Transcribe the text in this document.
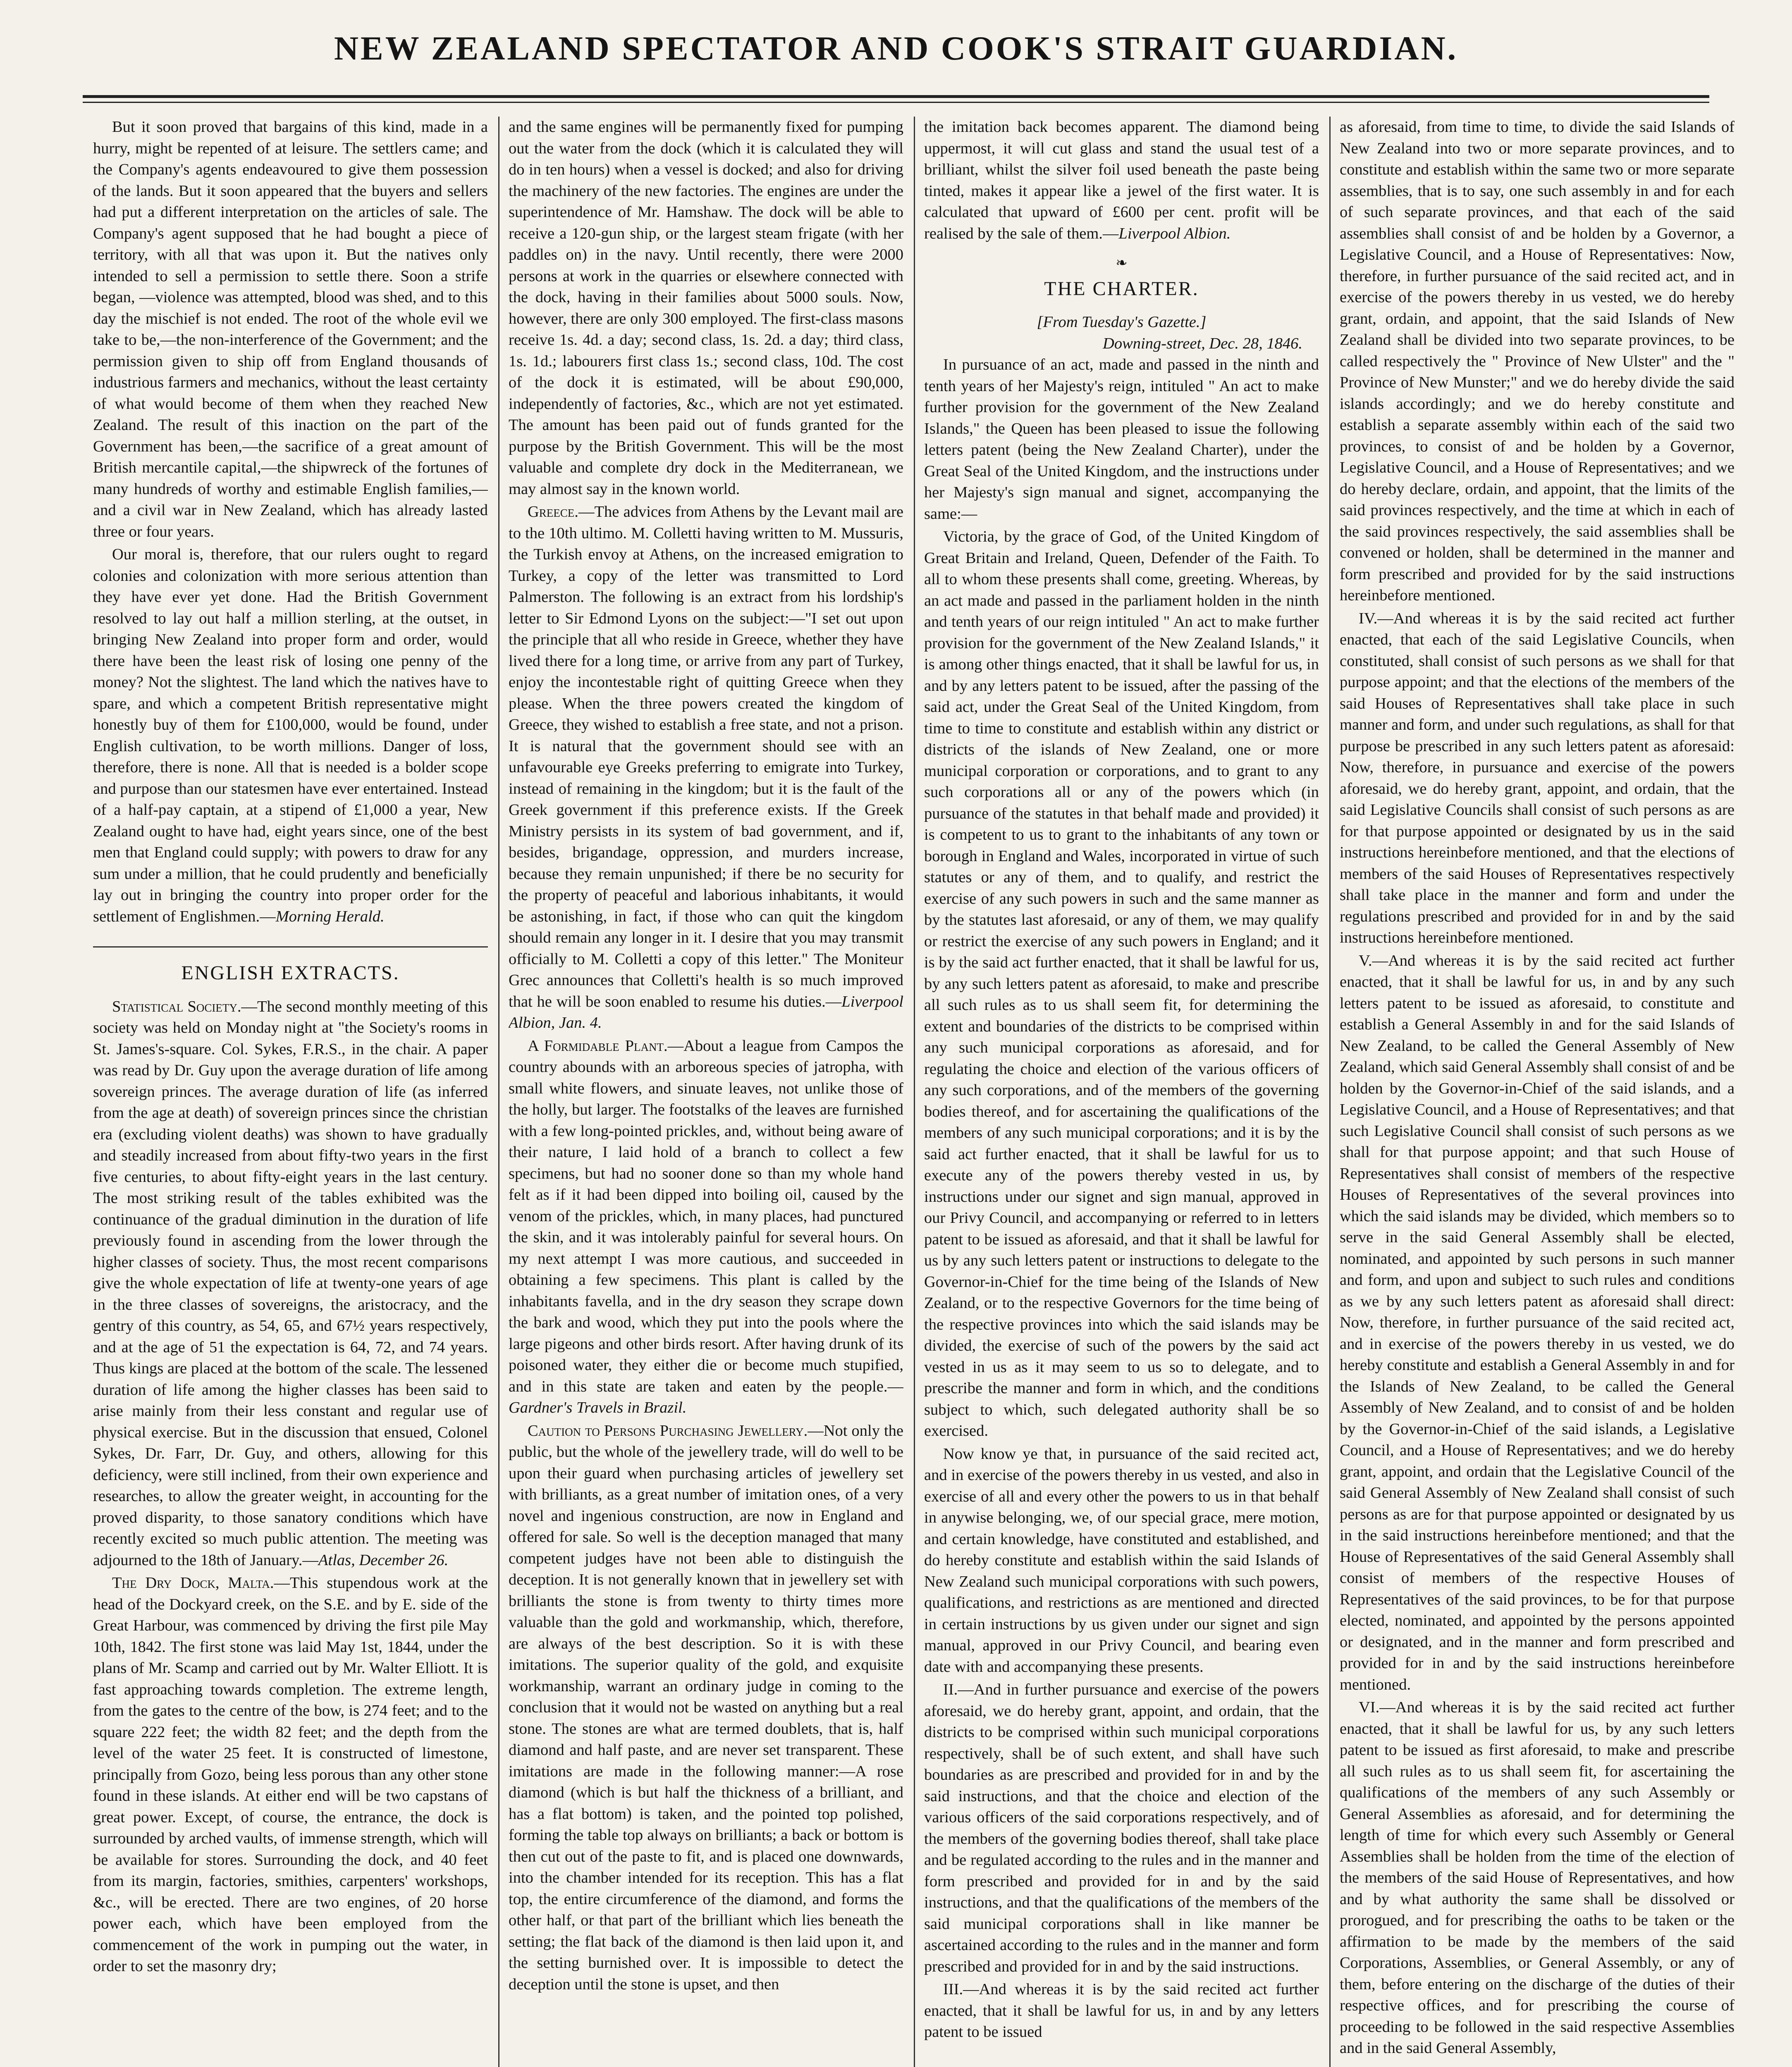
NEW ZEALAND SPECTATOR AND COOK'S STRAIT GUARDIAN.

But it soon proved that bargains of this kind, made in a hurry, might be repented of at leisure. The settlers came; and the Company's agents endeavoured to give them possession of the lands. But it soon appeared that the buyers and sellers had put a different interpretation on the articles of sale. The Company's agent supposed that he had bought a piece of territory, with all that was upon it. But the natives only intended to sell a permission to settle there. Soon a strife began, —violence was attempted, blood was shed, and to this day the mischief is not ended. The root of the whole evil we take to be,—the non-interference of the Government; and the permission given to ship off from England thousands of industrious farmers and mechanics, without the least certainty of what would become of them when they reached New Zealand. The result of this inaction on the part of the Government has been,—the sacrifice of a great amount of British mercantile capital,—the shipwreck of the fortunes of many hundreds of worthy and estimable English families,—and a civil war in New Zealand, which has already lasted three or four years.

Our moral is, therefore, that our rulers ought to regard colonies and colonization with more serious attention than they have ever yet done. Had the British Government resolved to lay out half a million sterling, at the outset, in bringing New Zealand into proper form and order, would there have been the least risk of losing one penny of the money? Not the slightest. The land which the natives have to spare, and which a competent British representative might honestly buy of them for £100,000, would be found, under English cultivation, to be worth millions. Danger of loss, therefore, there is none. All that is needed is a bolder scope and purpose than our statesmen have ever entertained. Instead of a half-pay captain, at a stipend of £1,000 a year, New Zealand ought to have had, eight years since, one of the best men that England could supply; with powers to draw for any sum under a million, that he could prudently and beneficially lay out in bringing the country into proper order for the settlement of Englishmen.—Morning Herald.

ENGLISH EXTRACTS.

Statistical Society.—The second monthly meeting of this society was held on Monday night at "the Society's rooms in St. James's-square. Col. Sykes, F.R.S., in the chair. A paper was read by Dr. Guy upon the average duration of life among sovereign princes. The average duration of life (as inferred from the age at death) of sovereign princes since the christian era (excluding violent deaths) was shown to have gradually and steadily increased from about fifty-two years in the first five centuries, to about fifty-eight years in the last century. The most striking result of the tables exhibited was the continuance of the gradual diminution in the duration of life previously found in ascending from the lower through the higher classes of society. Thus, the most recent comparisons give the whole expectation of life at twenty-one years of age in the three classes of sovereigns, the aristocracy, and the gentry of this country, as 54, 65, and 67½ years respectively, and at the age of 51 the expectation is 64, 72, and 74 years. Thus kings are placed at the bottom of the scale. The lessened duration of life among the higher classes has been said to arise mainly from their less constant and regular use of physical exercise. But in the discussion that ensued, Colonel Sykes, Dr. Farr, Dr. Guy, and others, allowing for this deficiency, were still inclined, from their own experience and researches, to allow the greater weight, in accounting for the proved disparity, to those sanatory conditions which have recently excited so much public attention. The meeting was adjourned to the 18th of January.—Atlas, December 26.

The Dry Dock, Malta.—This stupendous work at the head of the Dockyard creek, on the S.E. and by E. side of the Great Harbour, was commenced by driving the first pile May 10th, 1842. The first stone was laid May 1st, 1844, under the plans of Mr. Scamp and carried out by Mr. Walter Elliott. It is fast approaching towards completion. The extreme length, from the gates to the centre of the bow, is 274 feet; and to the square 222 feet; the width 82 feet; and the depth from the level of the water 25 feet. It is constructed of limestone, principally from Gozo, being less porous than any other stone found in these islands. At either end will be two capstans of great power. Except, of course, the entrance, the dock is surrounded by arched vaults, of immense strength, which will be available for stores. Surrounding the dock, and 40 feet from its margin, factories, smithies, carpenters' workshops, &c., will be erected. There are two engines, of 20 horse power each, which have been employed from the commencement of the work in pumping out the water, in order to set the masonry dry;

and the same engines will be permanently fixed for pumping out the water from the dock (which it is calculated they will do in ten hours) when a vessel is docked; and also for driving the machinery of the new factories. The engines are under the superintendence of Mr. Hamshaw. The dock will be able to receive a 120-gun ship, or the largest steam frigate (with her paddles on) in the navy. Until recently, there were 2000 persons at work in the quarries or elsewhere connected with the dock, having in their families about 5000 souls. Now, however, there are only 300 employed. The first-class masons receive 1s. 4d. a day; second class, 1s. 2d. a day; third class, 1s. 1d.; labourers first class 1s.; second class, 10d. The cost of the dock it is estimated, will be about £90,000, independently of factories, &c., which are not yet estimated. The amount has been paid out of funds granted for the purpose by the British Government. This will be the most valuable and complete dry dock in the Mediterranean, we may almost say in the known world.

Greece.—The advices from Athens by the Levant mail are to the 10th ultimo. M. Colletti having written to M. Mussuris, the Turkish envoy at Athens, on the increased emigration to Turkey, a copy of the letter was transmitted to Lord Palmerston. The following is an extract from his lordship's letter to Sir Edmond Lyons on the subject:—"I set out upon the principle that all who reside in Greece, whether they have lived there for a long time, or arrive from any part of Turkey, enjoy the incontestable right of quitting Greece when they please. When the three powers created the kingdom of Greece, they wished to establish a free state, and not a prison. It is natural that the government should see with an unfavourable eye Greeks preferring to emigrate into Turkey, instead of remaining in the kingdom; but it is the fault of the Greek government if this preference exists. If the Greek Ministry persists in its system of bad government, and if, besides, brigandage, oppression, and murders increase, because they remain unpunished; if there be no security for the property of peaceful and laborious inhabitants, it would be astonishing, in fact, if those who can quit the kingdom should remain any longer in it. I desire that you may transmit officially to M. Colletti a copy of this letter." The Moniteur Grec announces that Colletti's health is so much improved that he will be soon enabled to resume his duties.—Liverpool Albion, Jan. 4.

A Formidable Plant.—About a league from Campos the country abounds with an arboreous species of jatropha, with small white flowers, and sinuate leaves, not unlike those of the holly, but larger. The footstalks of the leaves are furnished with a few long-pointed prickles, and, without being aware of their nature, I laid hold of a branch to collect a few specimens, but had no sooner done so than my whole hand felt as if it had been dipped into boiling oil, caused by the venom of the prickles, which, in many places, had punctured the skin, and it was intolerably painful for several hours. On my next attempt I was more cautious, and succeeded in obtaining a few specimens. This plant is called by the inhabitants favella, and in the dry season they scrape down the bark and wood, which they put into the pools where the large pigeons and other birds resort. After having drunk of its poisoned water, they either die or become much stupified, and in this state are taken and eaten by the people.—Gardner's Travels in Brazil.

Caution to Persons Purchasing Jewellery.—Not only the public, but the whole of the jewellery trade, will do well to be upon their guard when purchasing articles of jewellery set with brilliants, as a great number of imitation ones, of a very novel and ingenious construction, are now in England and offered for sale. So well is the deception managed that many competent judges have not been able to distinguish the deception. It is not generally known that in jewellery set with brilliants the stone is from twenty to thirty times more valuable than the gold and workmanship, which, therefore, are always of the best description. So it is with these imitations. The superior quality of the gold, and exquisite workmanship, warrant an ordinary judge in coming to the conclusion that it would not be wasted on anything but a real stone. The stones are what are termed doublets, that is, half diamond and half paste, and are never set transparent. These imitations are made in the following manner:—A rose diamond (which is but half the thickness of a brilliant, and has a flat bottom) is taken, and the pointed top polished, forming the table top always on brilliants; a back or bottom is then cut out of the paste to fit, and is placed one downwards, into the chamber intended for its reception. This has a flat top, the entire circumference of the diamond, and forms the other half, or that part of the brilliant which lies beneath the setting; the flat back of the diamond is then laid upon it, and the setting burnished over. It is impossible to detect the deception until the stone is upset, and then

the imitation back becomes apparent. The diamond being uppermost, it will cut glass and stand the usual test of a brilliant, whilst the silver foil used beneath the paste being tinted, makes it appear like a jewel of the first water. It is calculated that upward of £600 per cent. profit will be realised by the sale of them.—Liverpool Albion.

❧
THE CHARTER.
[From Tuesday's Gazette.]
Downing-street, Dec. 28, 1846.

In pursuance of an act, made and passed in the ninth and tenth years of her Majesty's reign, intituled " An act to make further provision for the government of the New Zealand Islands," the Queen has been pleased to issue the following letters patent (being the New Zealand Charter), under the Great Seal of the United Kingdom, and the instructions under her Majesty's sign manual and signet, accompanying the same:—

Victoria, by the grace of God, of the United Kingdom of Great Britain and Ireland, Queen, Defender of the Faith. To all to whom these presents shall come, greeting. Whereas, by an act made and passed in the parliament holden in the ninth and tenth years of our reign intituled " An act to make further provision for the government of the New Zealand Islands," it is among other things enacted, that it shall be lawful for us, in and by any letters patent to be issued, after the passing of the said act, under the Great Seal of the United Kingdom, from time to time to constitute and establish within any district or districts of the islands of New Zealand, one or more municipal corporation or corporations, and to grant to any such corporations all or any of the powers which (in pursuance of the statutes in that behalf made and provided) it is competent to us to grant to the inhabitants of any town or borough in England and Wales, incorporated in virtue of such statutes or any of them, and to qualify, and restrict the exercise of any such powers in such and the same manner as by the statutes last aforesaid, or any of them, we may qualify or restrict the exercise of any such powers in England; and it is by the said act further enacted, that it shall be lawful for us, by any such letters patent as aforesaid, to make and prescribe all such rules as to us shall seem fit, for determining the extent and boundaries of the districts to be comprised within any such municipal corporations as aforesaid, and for regulating the choice and election of the various officers of any such corporations, and of the members of the governing bodies thereof, and for ascertaining the qualifications of the members of any such municipal corporations; and it is by the said act further enacted, that it shall be lawful for us to execute any of the powers thereby vested in us, by instructions under our signet and sign manual, approved in our Privy Council, and accompanying or referred to in letters patent to be issued as aforesaid, and that it shall be lawful for us by any such letters patent or instructions to delegate to the Governor-in-Chief for the time being of the Islands of New Zealand, or to the respective Governors for the time being of the respective provinces into which the said islands may be divided, the exercise of such of the powers by the said act vested in us as it may seem to us so to delegate, and to prescribe the manner and form in which, and the conditions subject to which, such delegated authority shall be so exercised.

Now know ye that, in pursuance of the said recited act, and in exercise of the powers thereby in us vested, and also in exercise of all and every other the powers to us in that behalf in anywise belonging, we, of our special grace, mere motion, and certain knowledge, have constituted and established, and do hereby constitute and establish within the said Islands of New Zealand such municipal corporations with such powers, qualifications, and restrictions as are mentioned and directed in certain instructions by us given under our signet and sign manual, approved in our Privy Council, and bearing even date with and accompanying these presents.

II.—And in further pursuance and exercise of the powers aforesaid, we do hereby grant, appoint, and ordain, that the districts to be comprised within such municipal corporations respectively, shall be of such extent, and shall have such boundaries as are prescribed and provided for in and by the said instructions, and that the choice and election of the various officers of the said corporations respectively, and of the members of the governing bodies thereof, shall take place and be regulated according to the rules and in the manner and form prescribed and provided for in and by the said instructions, and that the qualifications of the members of the said municipal corporations shall in like manner be ascertained according to the rules and in the manner and form prescribed and provided for in and by the said instructions.

III.—And whereas it is by the said recited act further enacted, that it shall be lawful for us, in and by any letters patent to be issued

as aforesaid, from time to time, to divide the said Islands of New Zealand into two or more separate provinces, and to constitute and establish within the same two or more separate assemblies, that is to say, one such assembly in and for each of such separate provinces, and that each of the said assemblies shall consist of and be holden by a Governor, a Legislative Council, and a House of Representatives: Now, therefore, in further pursuance of the said recited act, and in exercise of the powers thereby in us vested, we do hereby grant, ordain, and appoint, that the said Islands of New Zealand shall be divided into two separate provinces, to be called respectively the " Province of New Ulster" and the " Province of New Munster;" and we do hereby divide the said islands accordingly; and we do hereby constitute and establish a separate assembly within each of the said two provinces, to consist of and be holden by a Governor, Legislative Council, and a House of Representatives; and we do hereby declare, ordain, and appoint, that the limits of the said provinces respectively, and the time at which in each of the said provinces respectively, the said assemblies shall be convened or holden, shall be determined in the manner and form prescribed and provided for by the said instructions hereinbefore mentioned.

IV.—And whereas it is by the said recited act further enacted, that each of the said Legislative Councils, when constituted, shall consist of such persons as we shall for that purpose appoint; and that the elections of the members of the said Houses of Representatives shall take place in such manner and form, and under such regulations, as shall for that purpose be prescribed in any such letters patent as aforesaid: Now, therefore, in pursuance and exercise of the powers aforesaid, we do hereby grant, appoint, and ordain, that the said Legislative Councils shall consist of such persons as are for that purpose appointed or designated by us in the said instructions hereinbefore mentioned, and that the elections of members of the said Houses of Representatives respectively shall take place in the manner and form and under the regulations prescribed and provided for in and by the said instructions hereinbefore mentioned.

V.—And whereas it is by the said recited act further enacted, that it shall be lawful for us, in and by any such letters patent to be issued as aforesaid, to constitute and establish a General Assembly in and for the said Islands of New Zealand, to be called the General Assembly of New Zealand, which said General Assembly shall consist of and be holden by the Governor-in-Chief of the said islands, and a Legislative Council, and a House of Representatives; and that such Legislative Council shall consist of such persons as we shall for that purpose appoint; and that such House of Representatives shall consist of members of the respective Houses of Representatives of the several provinces into which the said islands may be divided, which members so to serve in the said General Assembly shall be elected, nominated, and appointed by such persons in such manner and form, and upon and subject to such rules and conditions as we by any such letters patent as aforesaid shall direct: Now, therefore, in further pursuance of the said recited act, and in exercise of the powers thereby in us vested, we do hereby constitute and establish a General Assembly in and for the Islands of New Zealand, to be called the General Assembly of New Zealand, and to consist of and be holden by the Governor-in-Chief of the said islands, a Legislative Council, and a House of Representatives; and we do hereby grant, appoint, and ordain that the Legislative Council of the said General Assembly of New Zealand shall consist of such persons as are for that purpose appointed or designated by us in the said instructions hereinbefore mentioned; and that the House of Representatives of the said General Assembly shall consist of members of the respective Houses of Representatives of the said provinces, to be for that purpose elected, nominated, and appointed by the persons appointed or designated, and in the manner and form prescribed and provided for in and by the said instructions hereinbefore mentioned.

VI.—And whereas it is by the said recited act further enacted, that it shall be lawful for us, by any such letters patent to be issued as first aforesaid, to make and prescribe all such rules as to us shall seem fit, for ascertaining the qualifications of the members of any such Assembly or General Assemblies as aforesaid, and for determining the length of time for which every such Assembly or General Assemblies shall be holden from the time of the election of the members of the said House of Representatives, and how and by what authority the same shall be dissolved or prorogued, and for prescribing the oaths to be taken or the affirmation to be made by the members of the said Corporations, Assemblies, or General Assembly, or any of them, before entering on the discharge of the duties of their respective offices, and for prescribing the course of proceeding to be followed in the said respective Assemblies and in the said General Assembly,
